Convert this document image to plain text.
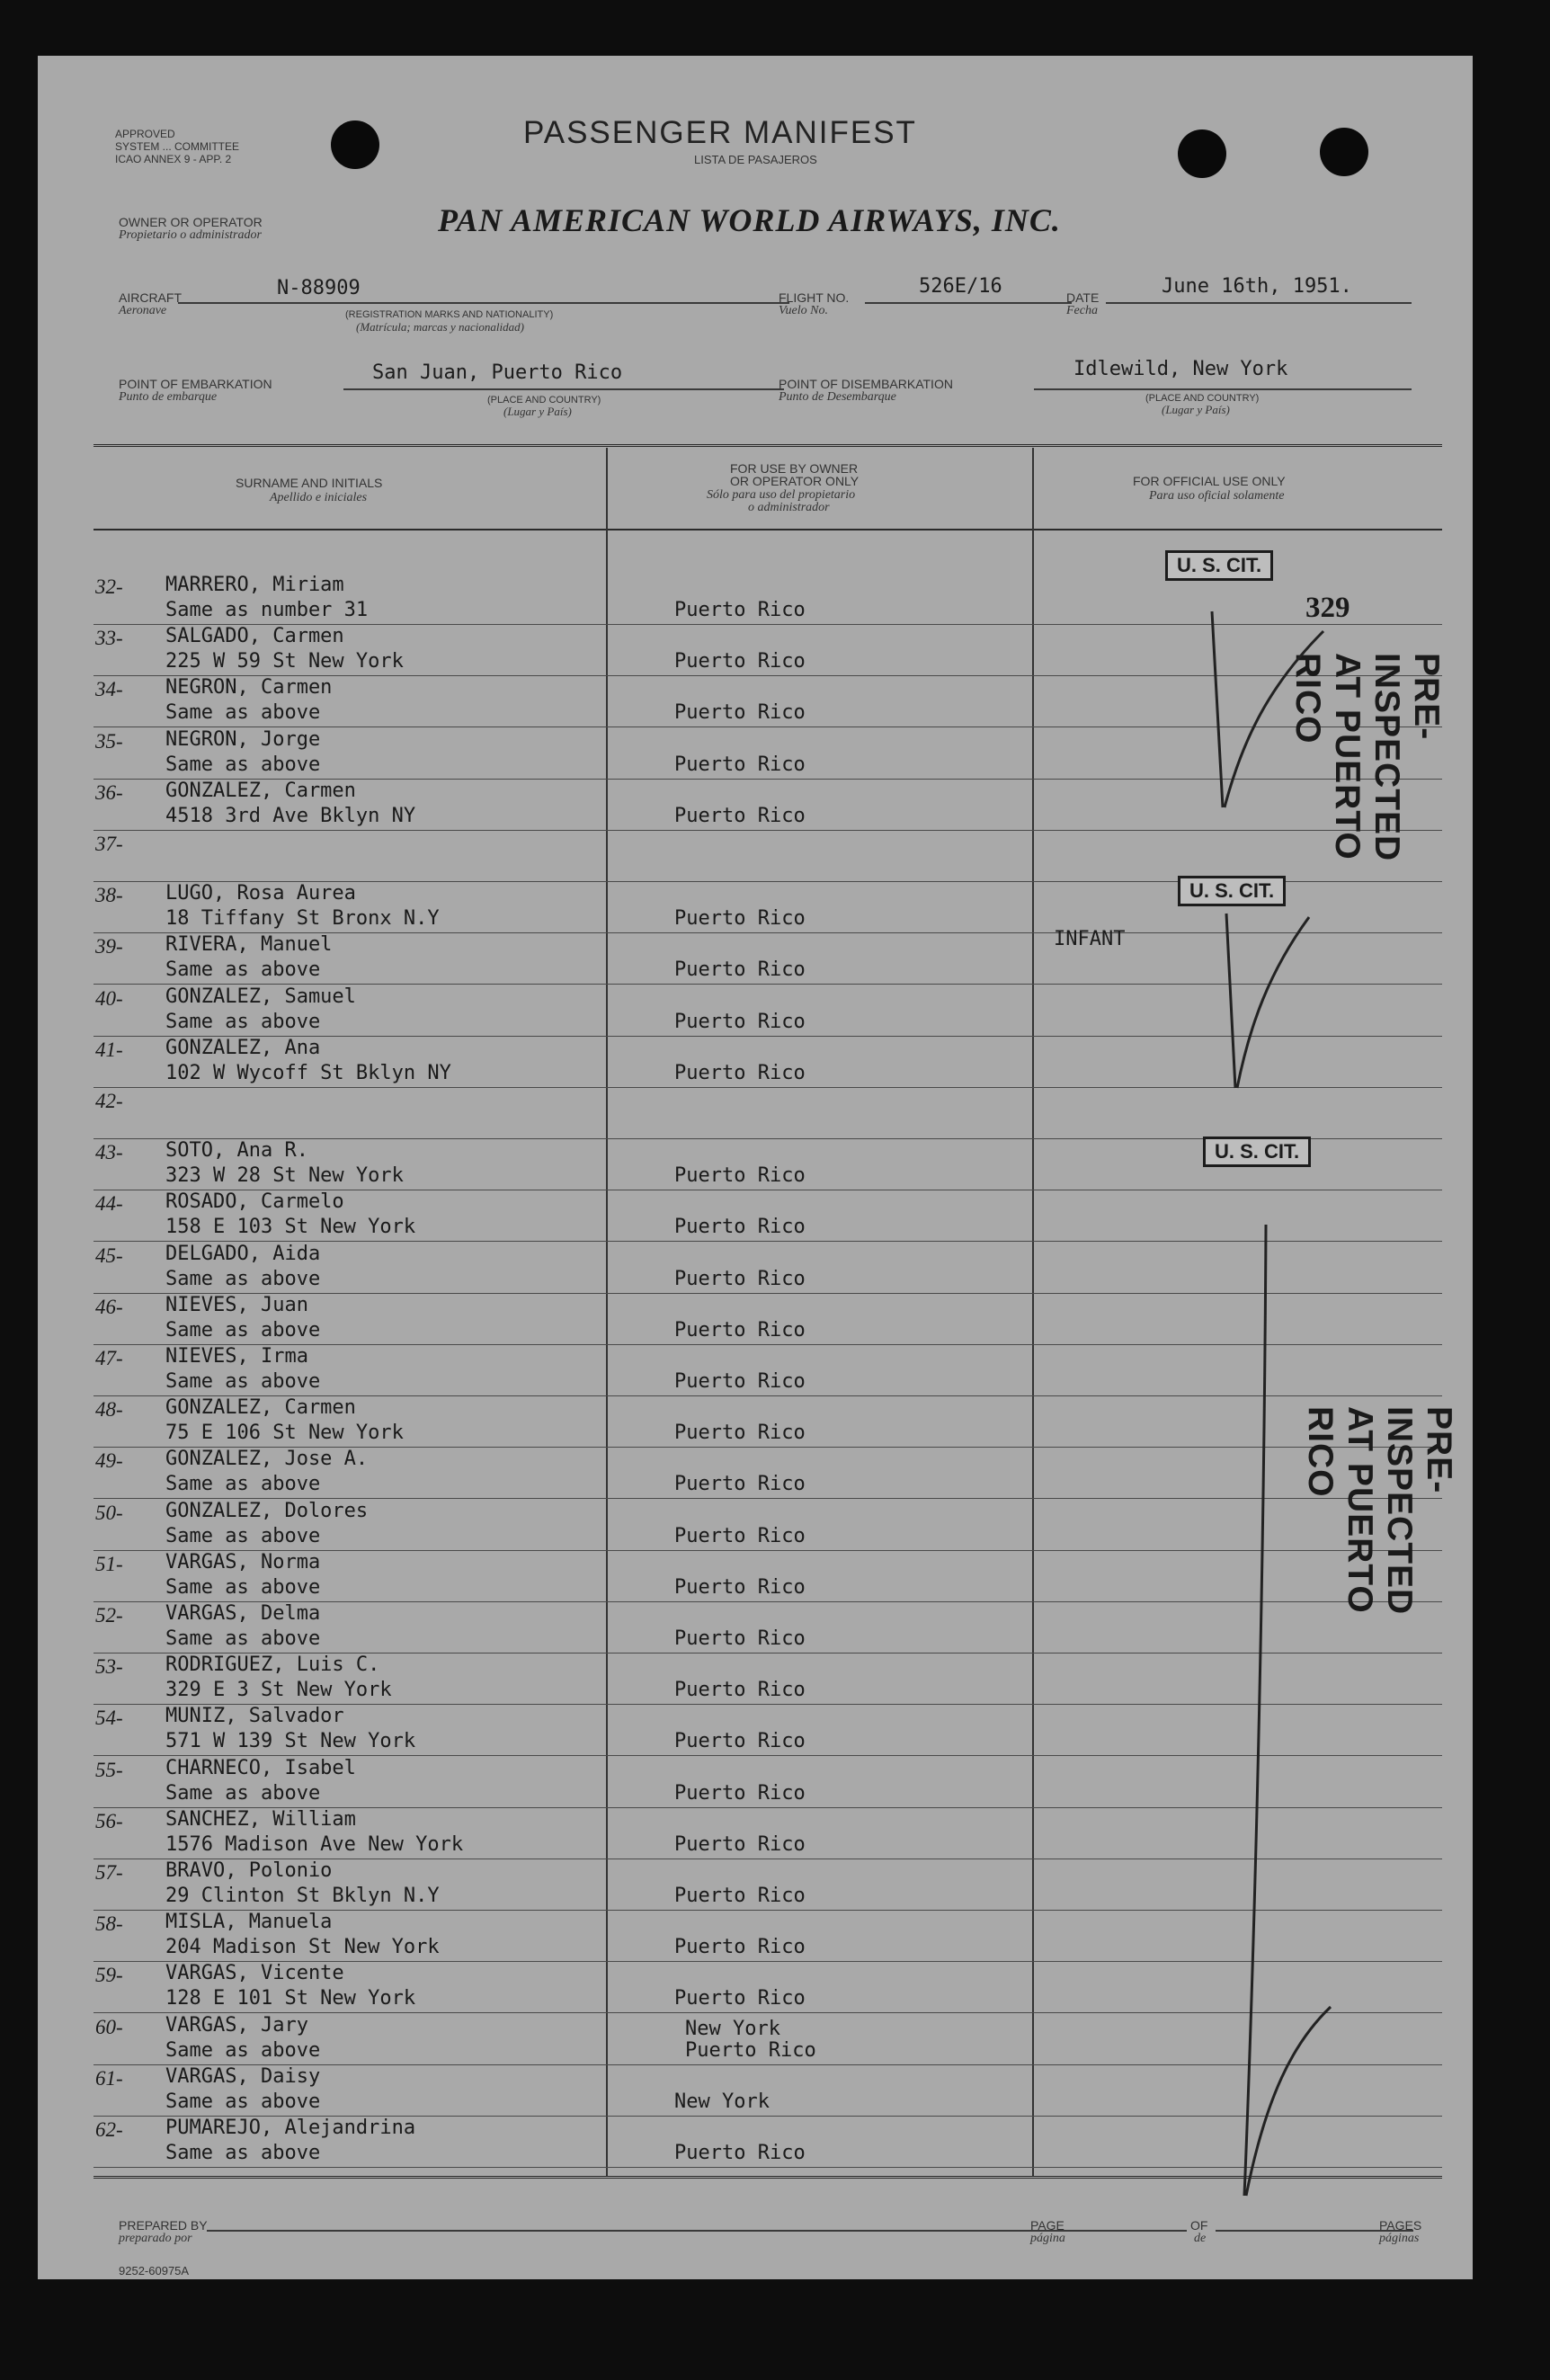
APPROVED
SYSTEM ... COMMITTEE
ICAO ANNEX 9 - APP. 2
PASSENGER MANIFEST
LISTA DE PASAJEROS
OWNER OR OPERATOR
Propietario o administrador	PAN AMERICAN WORLD AIRWAYS, INC.
AIRCRAFT
Aeronave
N-88909
(REGISTRATION MARKS AND NATIONALITY)
(Matrícula; marcas y nacionalidad)
FLIGHT NO.
Vuelo No.
526E/16	DATE
Fecha
June 16th, 1951.
POINT OF EMBARKATION
Punto de embarque
San Juan, Puerto Rico
(PLACE AND COUNTRY)
(Lugar y País)
POINT OF DISEMBARKATION
Punto de Desembarque
Idlewild, New York
(PLACE AND COUNTRY)
(Lugar y País)
SURNAME AND INITIALS
Apellido e iniciales
FOR USE BY OWNER
OR OPERATOR ONLY
Sólo para uso del propietario
o administrador
FOR OFFICIAL USE ONLY
Para uso oficial solamente
32-	MARRERO, Miriam
Same as number 31	Puerto Rico
33-	SALGADO, Carmen
225 W 59 St New York	Puerto Rico
34-	NEGRON, Carmen
Same as above	Puerto Rico
35-	NEGRON, Jorge
Same as above	Puerto Rico
36-	GONZALEZ, Carmen
4518 3rd Ave Bklyn NY	Puerto Rico
37-
38-	LUGO, Rosa Aurea
18 Tiffany St Bronx N.Y	Puerto Rico
39-	RIVERA, Manuel
Same as above	Puerto Rico
40-	GONZALEZ, Samuel
Same as above	Puerto Rico
41-	GONZALEZ, Ana
102 W Wycoff St Bklyn NY	Puerto Rico
42-
43-	SOTO, Ana R.
323 W 28 St New York	Puerto Rico
44-	ROSADO, Carmelo
158 E 103 St New York	Puerto Rico
45-	DELGADO, Aida
Same as above	Puerto Rico
46-	NIEVES, Juan
Same as above	Puerto Rico
47-	NIEVES, Irma
Same as above	Puerto Rico
48-	GONZALEZ, Carmen
75 E 106 St New York	Puerto Rico
49-	GONZALEZ, Jose A.
Same as above	Puerto Rico
50-	GONZALEZ, Dolores
Same as above	Puerto Rico
51-	VARGAS, Norma
Same as above	Puerto Rico
52-	VARGAS, Delma
Same as above	Puerto Rico
53-	RODRIGUEZ, Luis C.
329 E 3 St New York	Puerto Rico
54-	MUNIZ, Salvador
571 W 139 St New York	Puerto Rico
55-	CHARNECO, Isabel
Same as above	Puerto Rico
56-	SANCHEZ, William
1576 Madison Ave New York	Puerto Rico
57-	BRAVO, Polonio
29 Clinton St Bklyn N.Y	Puerto Rico
58-	MISLA, Manuela
204 Madison St New York	Puerto Rico
59-	VARGAS, Vicente
128 E 101 St New York	Puerto Rico
60-	VARGAS, Jary
Same as above
New York
Puerto Rico
61-	VARGAS, Daisy
Same as above	New York
62-	PUMAREJO, Alejandrina
Same as above	Puerto Rico
U. S. CIT.
U. S. CIT.
U. S. CIT.
329
INFANT
PRE-INSPECTED AT PUERTO RICO
PRE-INSPECTED AT PUERTO RICO
PREPARED BY
preparado por
PAGE
página
OF
de
PAGES
páginas
9252-60975A
